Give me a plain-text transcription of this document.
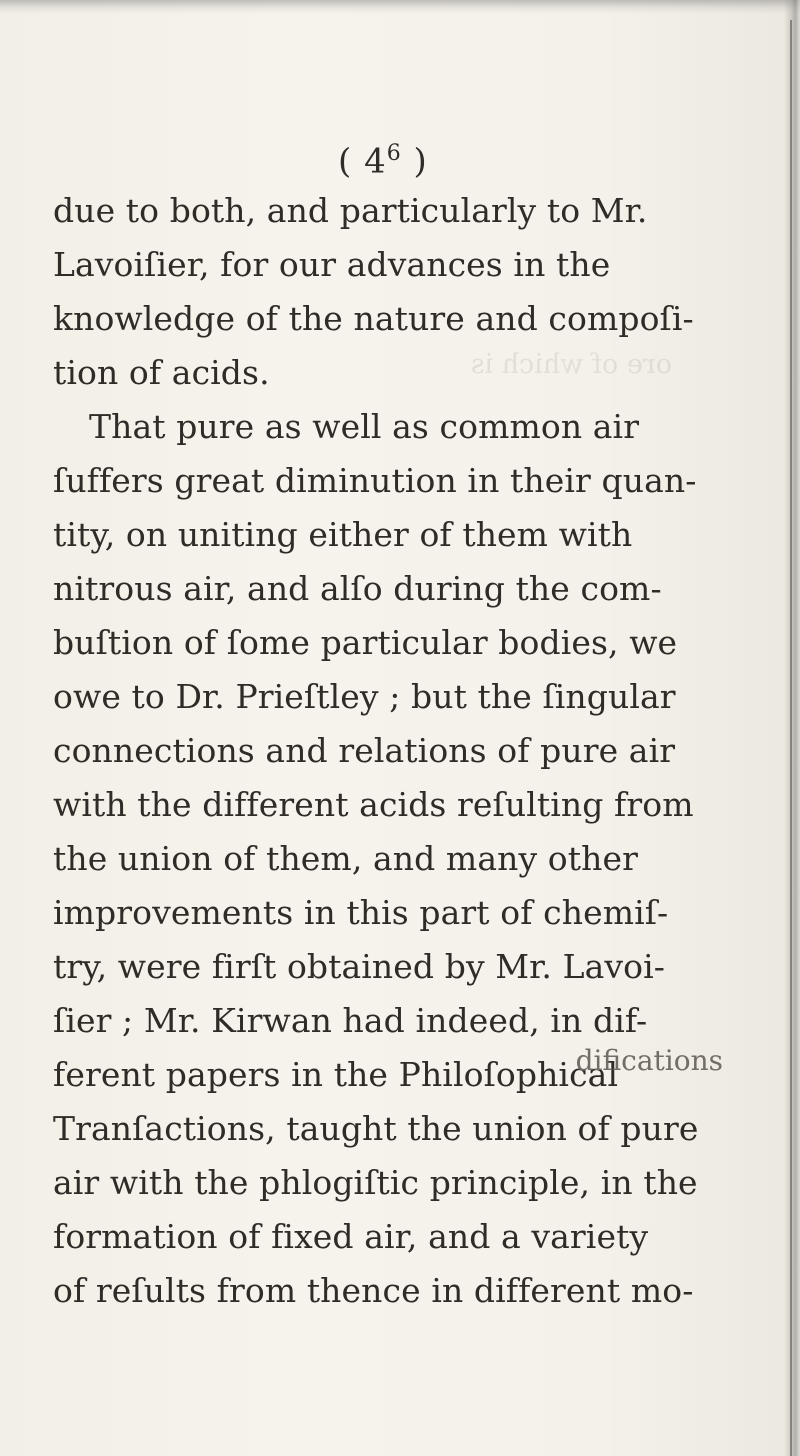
ore of which is
( $4^6$ )
due to both, and particularly to Mr.
Lavoiſier, for our advances in the
knowledge of the nature and compoſi-
tion of acids.
That pure as well as common air
ſuffers great diminution in their quan-
tity, on uniting either of them with
nitrous air, and alſo during the com-
buſtion of ſome particular bodies, we
owe to Dr. Prieſtley ; but the ſingular
connections and relations of pure air
with the different acids reſulting from
the union of them, and many other
improvements in this part of chemiſ-
try, were firſt obtained by Mr. Lavoi-
ſier ; Mr. Kirwan had indeed, in dif-
ferent papers in the Philoſophical
Tranſactions, taught the union of pure
air with the phlogiſtic principle, in the
formation of fixed air, and a variety
of reſults from thence in different mo-
difications
